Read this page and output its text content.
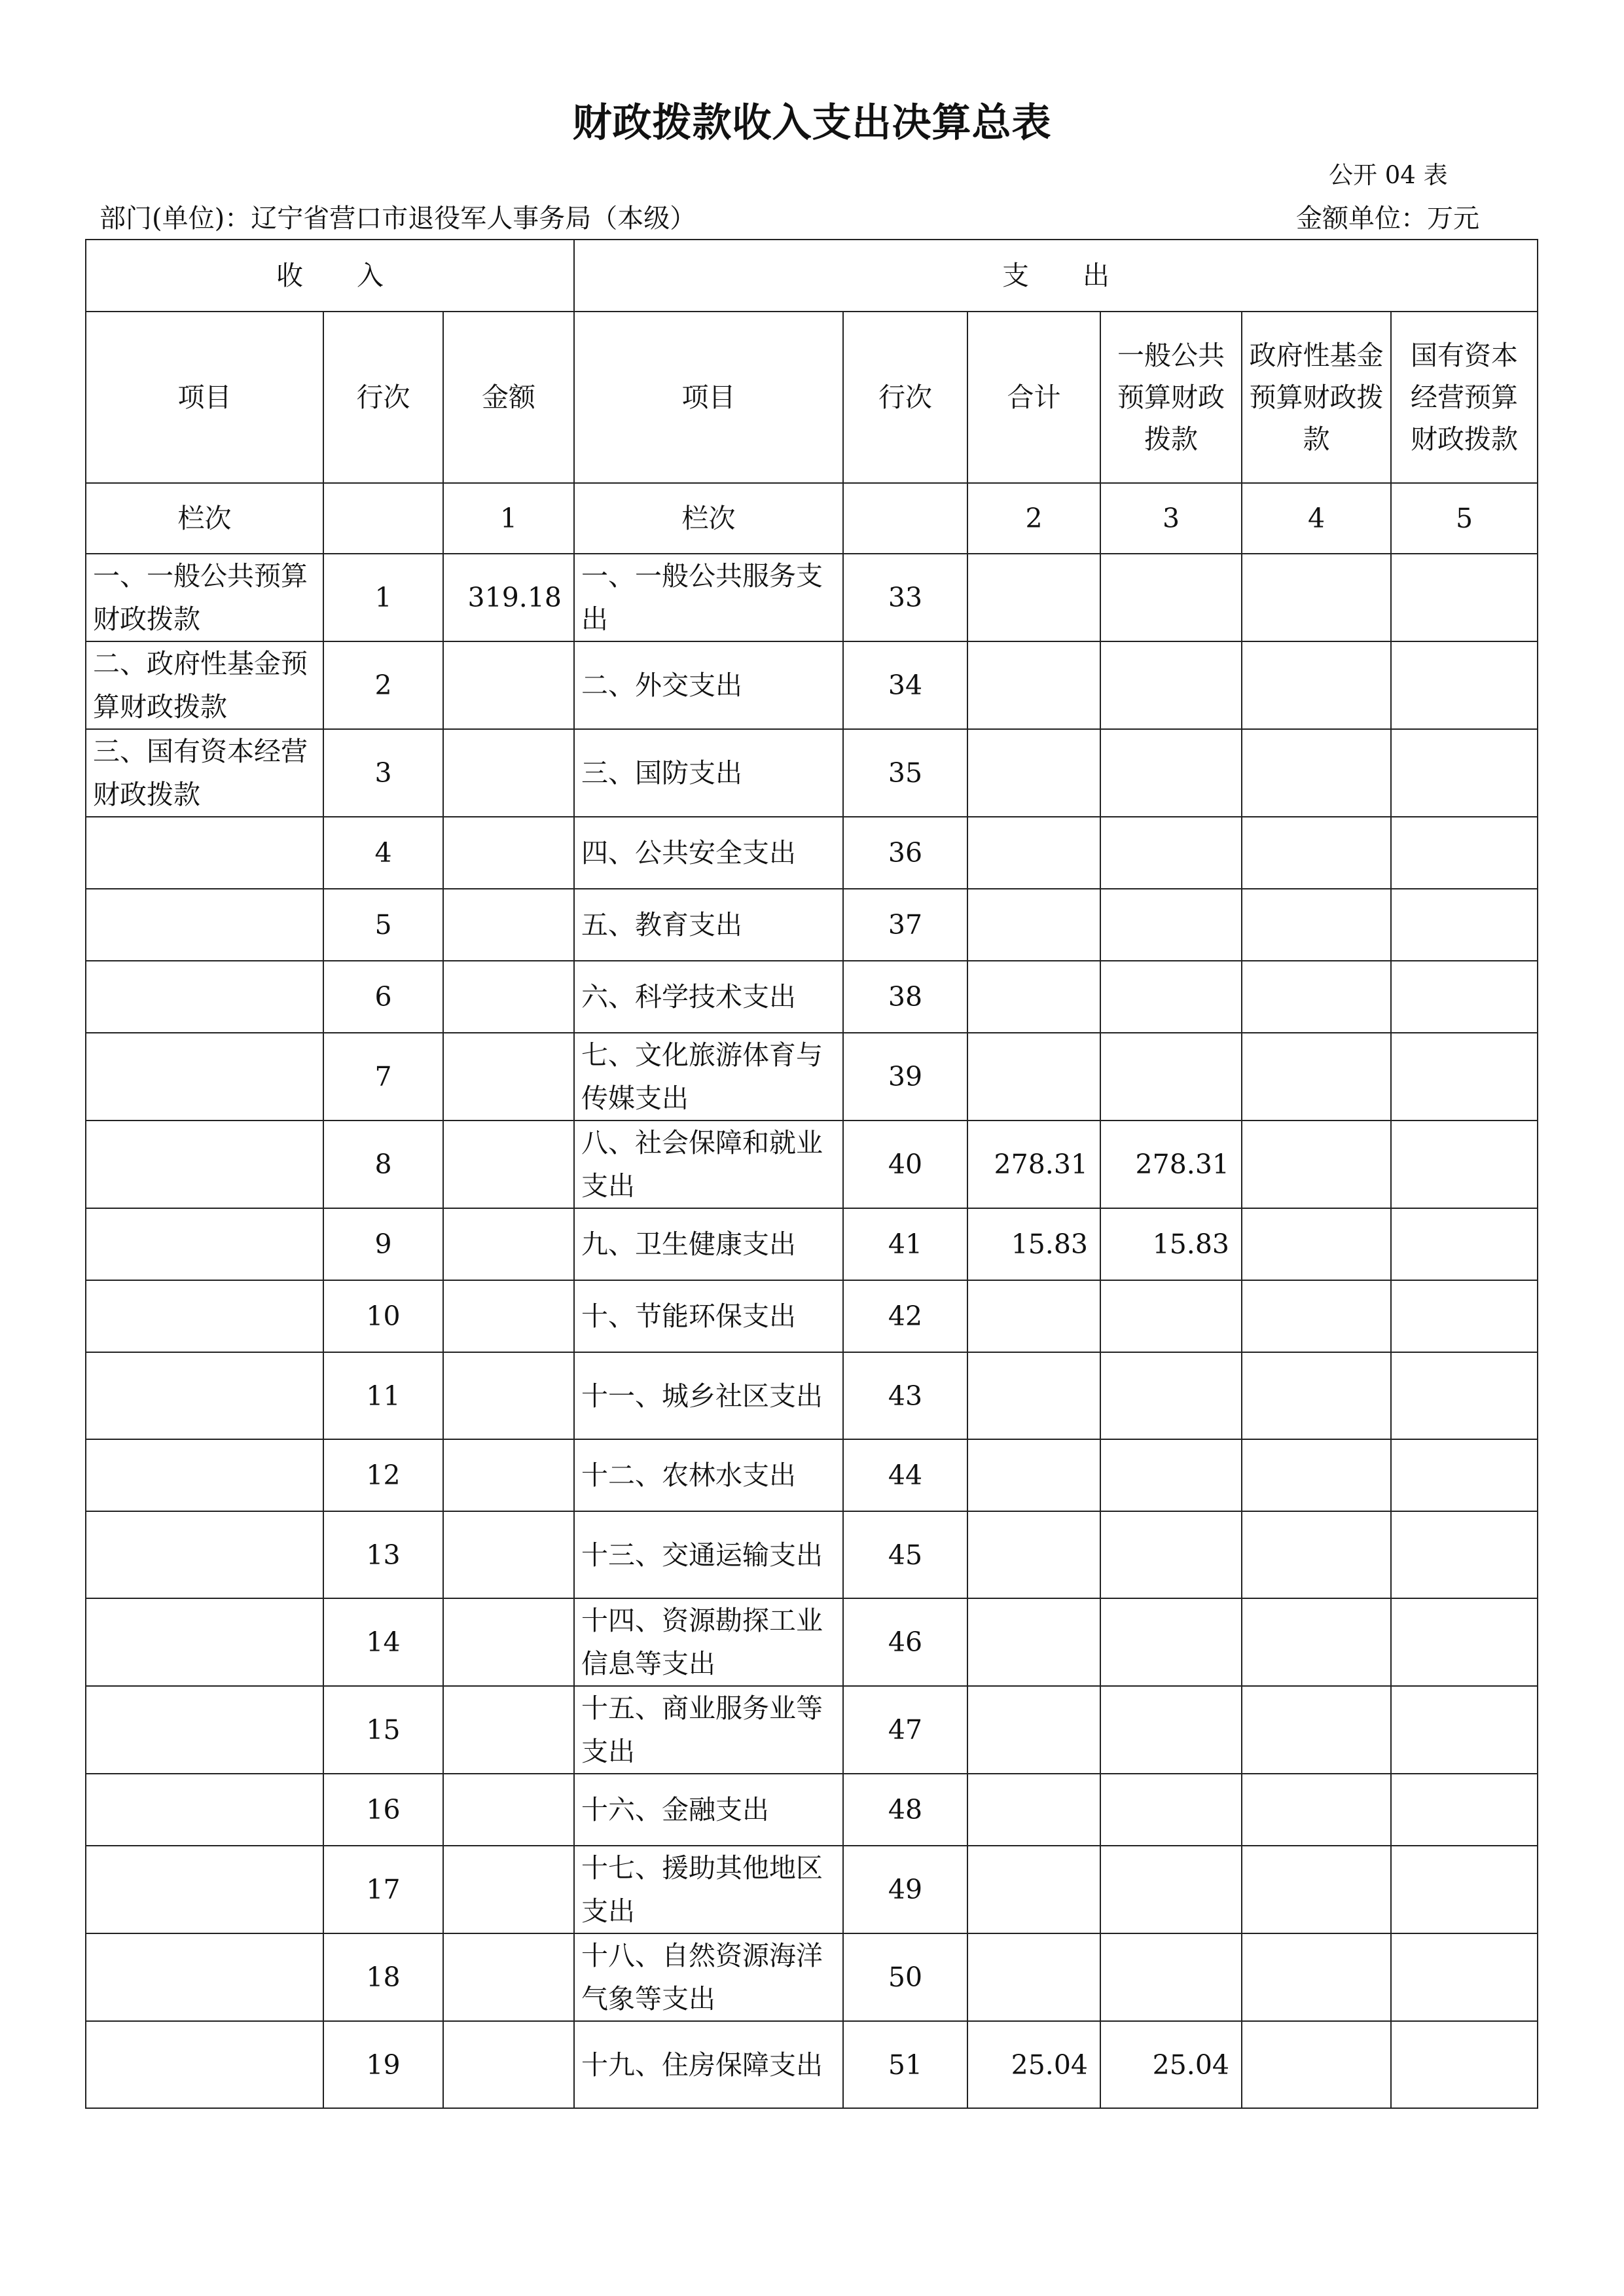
财政拨款收入支出决算总表
公开 04 表
部门(单位)：辽宁省营口市退役军人事务局（本级）	金额单位：万元
收　　入			支　　出					
项目	行次	金额	项目	行次	合计	一般公共预算财政拨款	政府性基金预算财政拨款	国有资本经营预算财政拨款
栏次		1	栏次		2	3	4	5
一、一般公共预算财政拨款	1	319.18	一、一般公共服务支出	33				
二、政府性基金预算财政拨款	2		二、外交支出	34				
三、国有资本经营财政拨款	3		三、国防支出	35				
	4		四、公共安全支出	36				
	5		五、教育支出	37				
	6		六、科学技术支出	38				
	7		七、文化旅游体育与传媒支出	39				
	8		八、社会保障和就业支出	40	278.31	278.31		
	9		九、卫生健康支出	41	15.83	15.83		
	10		十、节能环保支出	42				
	11		十一、城乡社区支出	43				
	12		十二、农林水支出	44				
	13		十三、交通运输支出	45				
	14		十四、资源勘探工业信息等支出	46				
	15		十五、商业服务业等支出	47				
	16		十六、金融支出	48				
	17		十七、援助其他地区支出	49				
	18		十八、自然资源海洋气象等支出	50				
	19		十九、住房保障支出	51	25.04	25.04		
